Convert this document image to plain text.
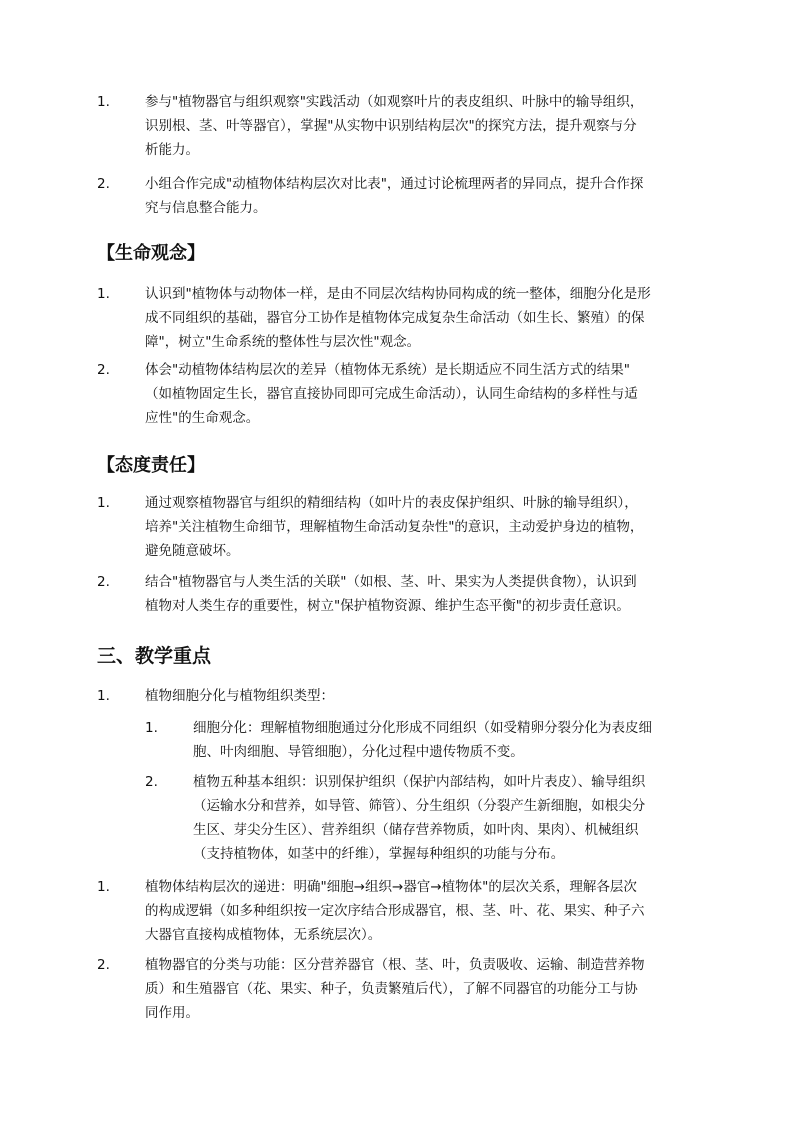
1.	参与"植物器官与组织观察"实践活动（如观察叶片的表皮组织、叶脉中的输导组织，
识别根、茎、叶等器官），掌握"从实物中识别结构层次"的探究方法，提升观察与分
析能力。

2.	小组合作完成"动植物体结构层次对比表"，通过讨论梳理两者的异同点，提升合作探
究与信息整合能力。

【生命观念】
1.	认识到"植物体与动物体一样，是由不同层次结构协同构成的统一整体，细胞分化是形
成不同组织的基础，器官分工协作是植物体完成复杂生命活动（如生长、繁殖）的保
障"，树立"生命系统的整体性与层次性"观念。

2.	体会"动植物体结构层次的差异（植物体无系统）是长期适应不同生活方式的结果"
（如植物固定生长，器官直接协同即可完成生命活动），认同生命结构的多样性与适
应性"的生命观念。

【态度责任】
1.	通过观察植物器官与组织的精细结构（如叶片的表皮保护组织、叶脉的输导组织），
培养"关注植物生命细节，理解植物生命活动复杂性"的意识，主动爱护身边的植物，
避免随意破坏。

2.	结合"植物器官与人类生活的关联"（如根、茎、叶、果实为人类提供食物），认识到
植物对人类生存的重要性，树立"保护植物资源、维护生态平衡"的初步责任意识。

三、教学重点
1.	植物细胞分化与植物组织类型：

1.	细胞分化：理解植物细胞通过分化形成不同组织（如受精卵分裂分化为表皮细
胞、叶肉细胞、导管细胞），分化过程中遗传物质不变。

2.	植物五种基本组织：识别保护组织（保护内部结构，如叶片表皮）、输导组织
（运输水分和营养，如导管、筛管）、分生组织（分裂产生新细胞，如根尖分
生区、芽尖分生区）、营养组织（储存营养物质，如叶肉、果肉）、机械组织
（支持植物体，如茎中的纤维），掌握每种组织的功能与分布。

1.	植物体结构层次的递进：明确"细胞→组织→器官→植物体"的层次关系，理解各层次
的构成逻辑（如多种组织按一定次序结合形成器官，根、茎、叶、花、果实、种子六
大器官直接构成植物体，无系统层次）。

2.	植物器官的分类与功能：区分营养器官（根、茎、叶，负责吸收、运输、制造营养物
质）和生殖器官（花、果实、种子，负责繁殖后代），了解不同器官的功能分工与协
同作用。
